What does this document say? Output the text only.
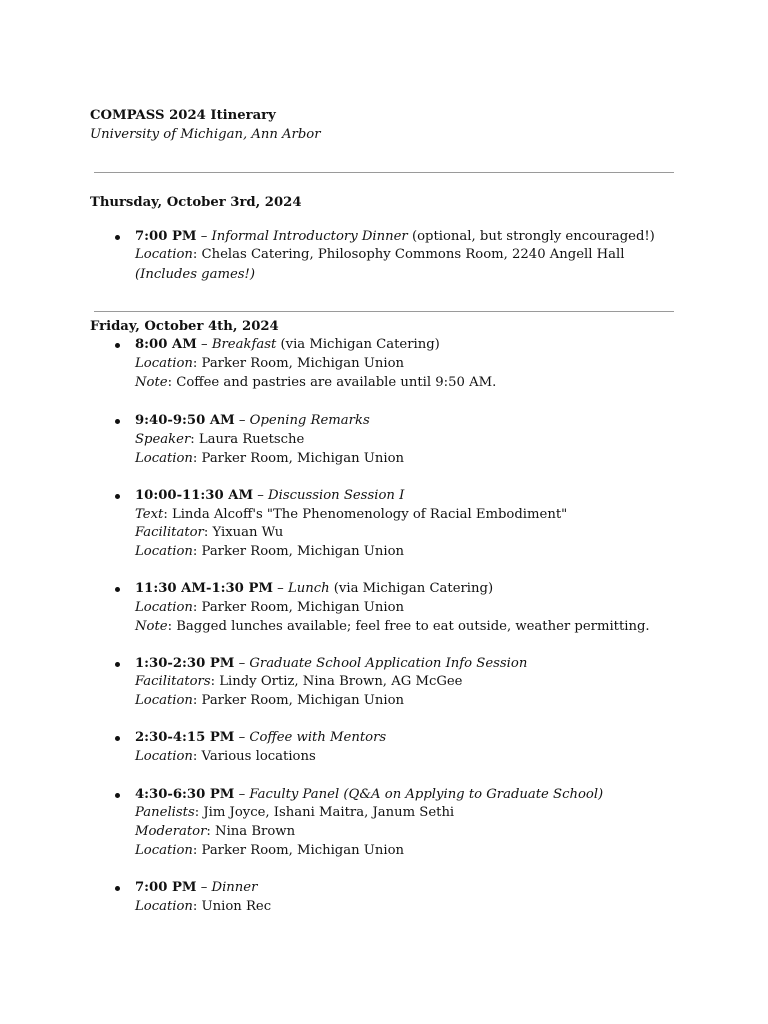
COMPASS 2024 Itinerary
University of Michigan, Ann Arbor
Thursday, October 3rd, 2024
7:00 PM – Informal Introductory Dinner (optional, but strongly encouraged!)
Location: Chelas Catering, Philosophy Commons Room, 2240 Angell Hall
(Includes games!)
Friday, October 4th, 2024
8:00 AM – Breakfast (via Michigan Catering)
Location: Parker Room, Michigan Union
Note: Coffee and pastries are available until 9:50 AM.
9:40-9:50 AM – Opening Remarks
Speaker: Laura Ruetsche
Location: Parker Room, Michigan Union
10:00-11:30 AM – Discussion Session I
Text: Linda Alcoff's "The Phenomenology of Racial Embodiment"
Facilitator: Yixuan Wu
Location: Parker Room, Michigan Union
11:30 AM-1:30 PM – Lunch (via Michigan Catering)
Location: Parker Room, Michigan Union
Note: Bagged lunches available; feel free to eat outside, weather permitting.
1:30-2:30 PM – Graduate School Application Info Session
Facilitators: Lindy Ortiz, Nina Brown, AG McGee
Location: Parker Room, Michigan Union
2:30-4:15 PM – Coffee with Mentors
Location: Various locations
4:30-6:30 PM – Faculty Panel (Q&A on Applying to Graduate School)
Panelists: Jim Joyce, Ishani Maitra, Janum Sethi
Moderator: Nina Brown
Location: Parker Room, Michigan Union
7:00 PM – Dinner
Location: Union Rec
